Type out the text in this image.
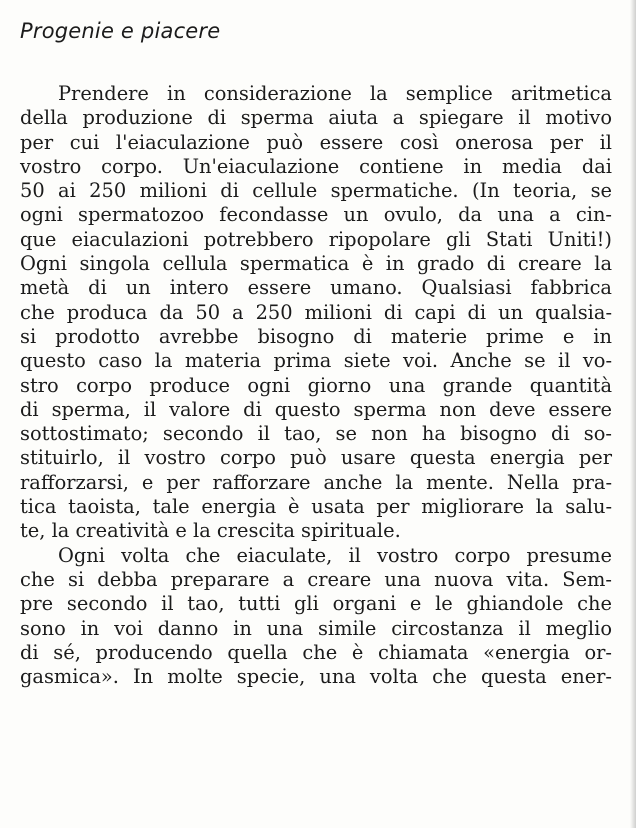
Progenie e piacere
Prendere in considerazione la semplice aritmetica
della produzione di sperma aiuta a spiegare il motivo
per cui l'eiaculazione può essere così onerosa per il
vostro corpo. Un'eiaculazione contiene in media dai
50 ai 250 milioni di cellule spermatiche. (In teoria, se
ogni spermatozoo fecondasse un ovulo, da una a cin-
que eiaculazioni potrebbero ripopolare gli Stati Uniti!)
Ogni singola cellula spermatica è in grado di creare la
metà di un intero essere umano. Qualsiasi fabbrica
che produca da 50 a 250 milioni di capi di un qualsia-
si prodotto avrebbe bisogno di materie prime e in
questo caso la materia prima siete voi. Anche se il vo-
stro corpo produce ogni giorno una grande quantità
di sperma, il valore di questo sperma non deve essere
sottostimato; secondo il tao, se non ha bisogno di so-
stituirlo, il vostro corpo può usare questa energia per
rafforzarsi, e per rafforzare anche la mente. Nella pra-
tica taoista, tale energia è usata per migliorare la salu-
te, la creatività e la crescita spirituale.
Ogni volta che eiaculate, il vostro corpo presume
che si debba preparare a creare una nuova vita. Sem-
pre secondo il tao, tutti gli organi e le ghiandole che
sono in voi danno in una simile circostanza il meglio
di sé, producendo quella che è chiamata «energia or-
gasmica». In molte specie, una volta che questa ener-
